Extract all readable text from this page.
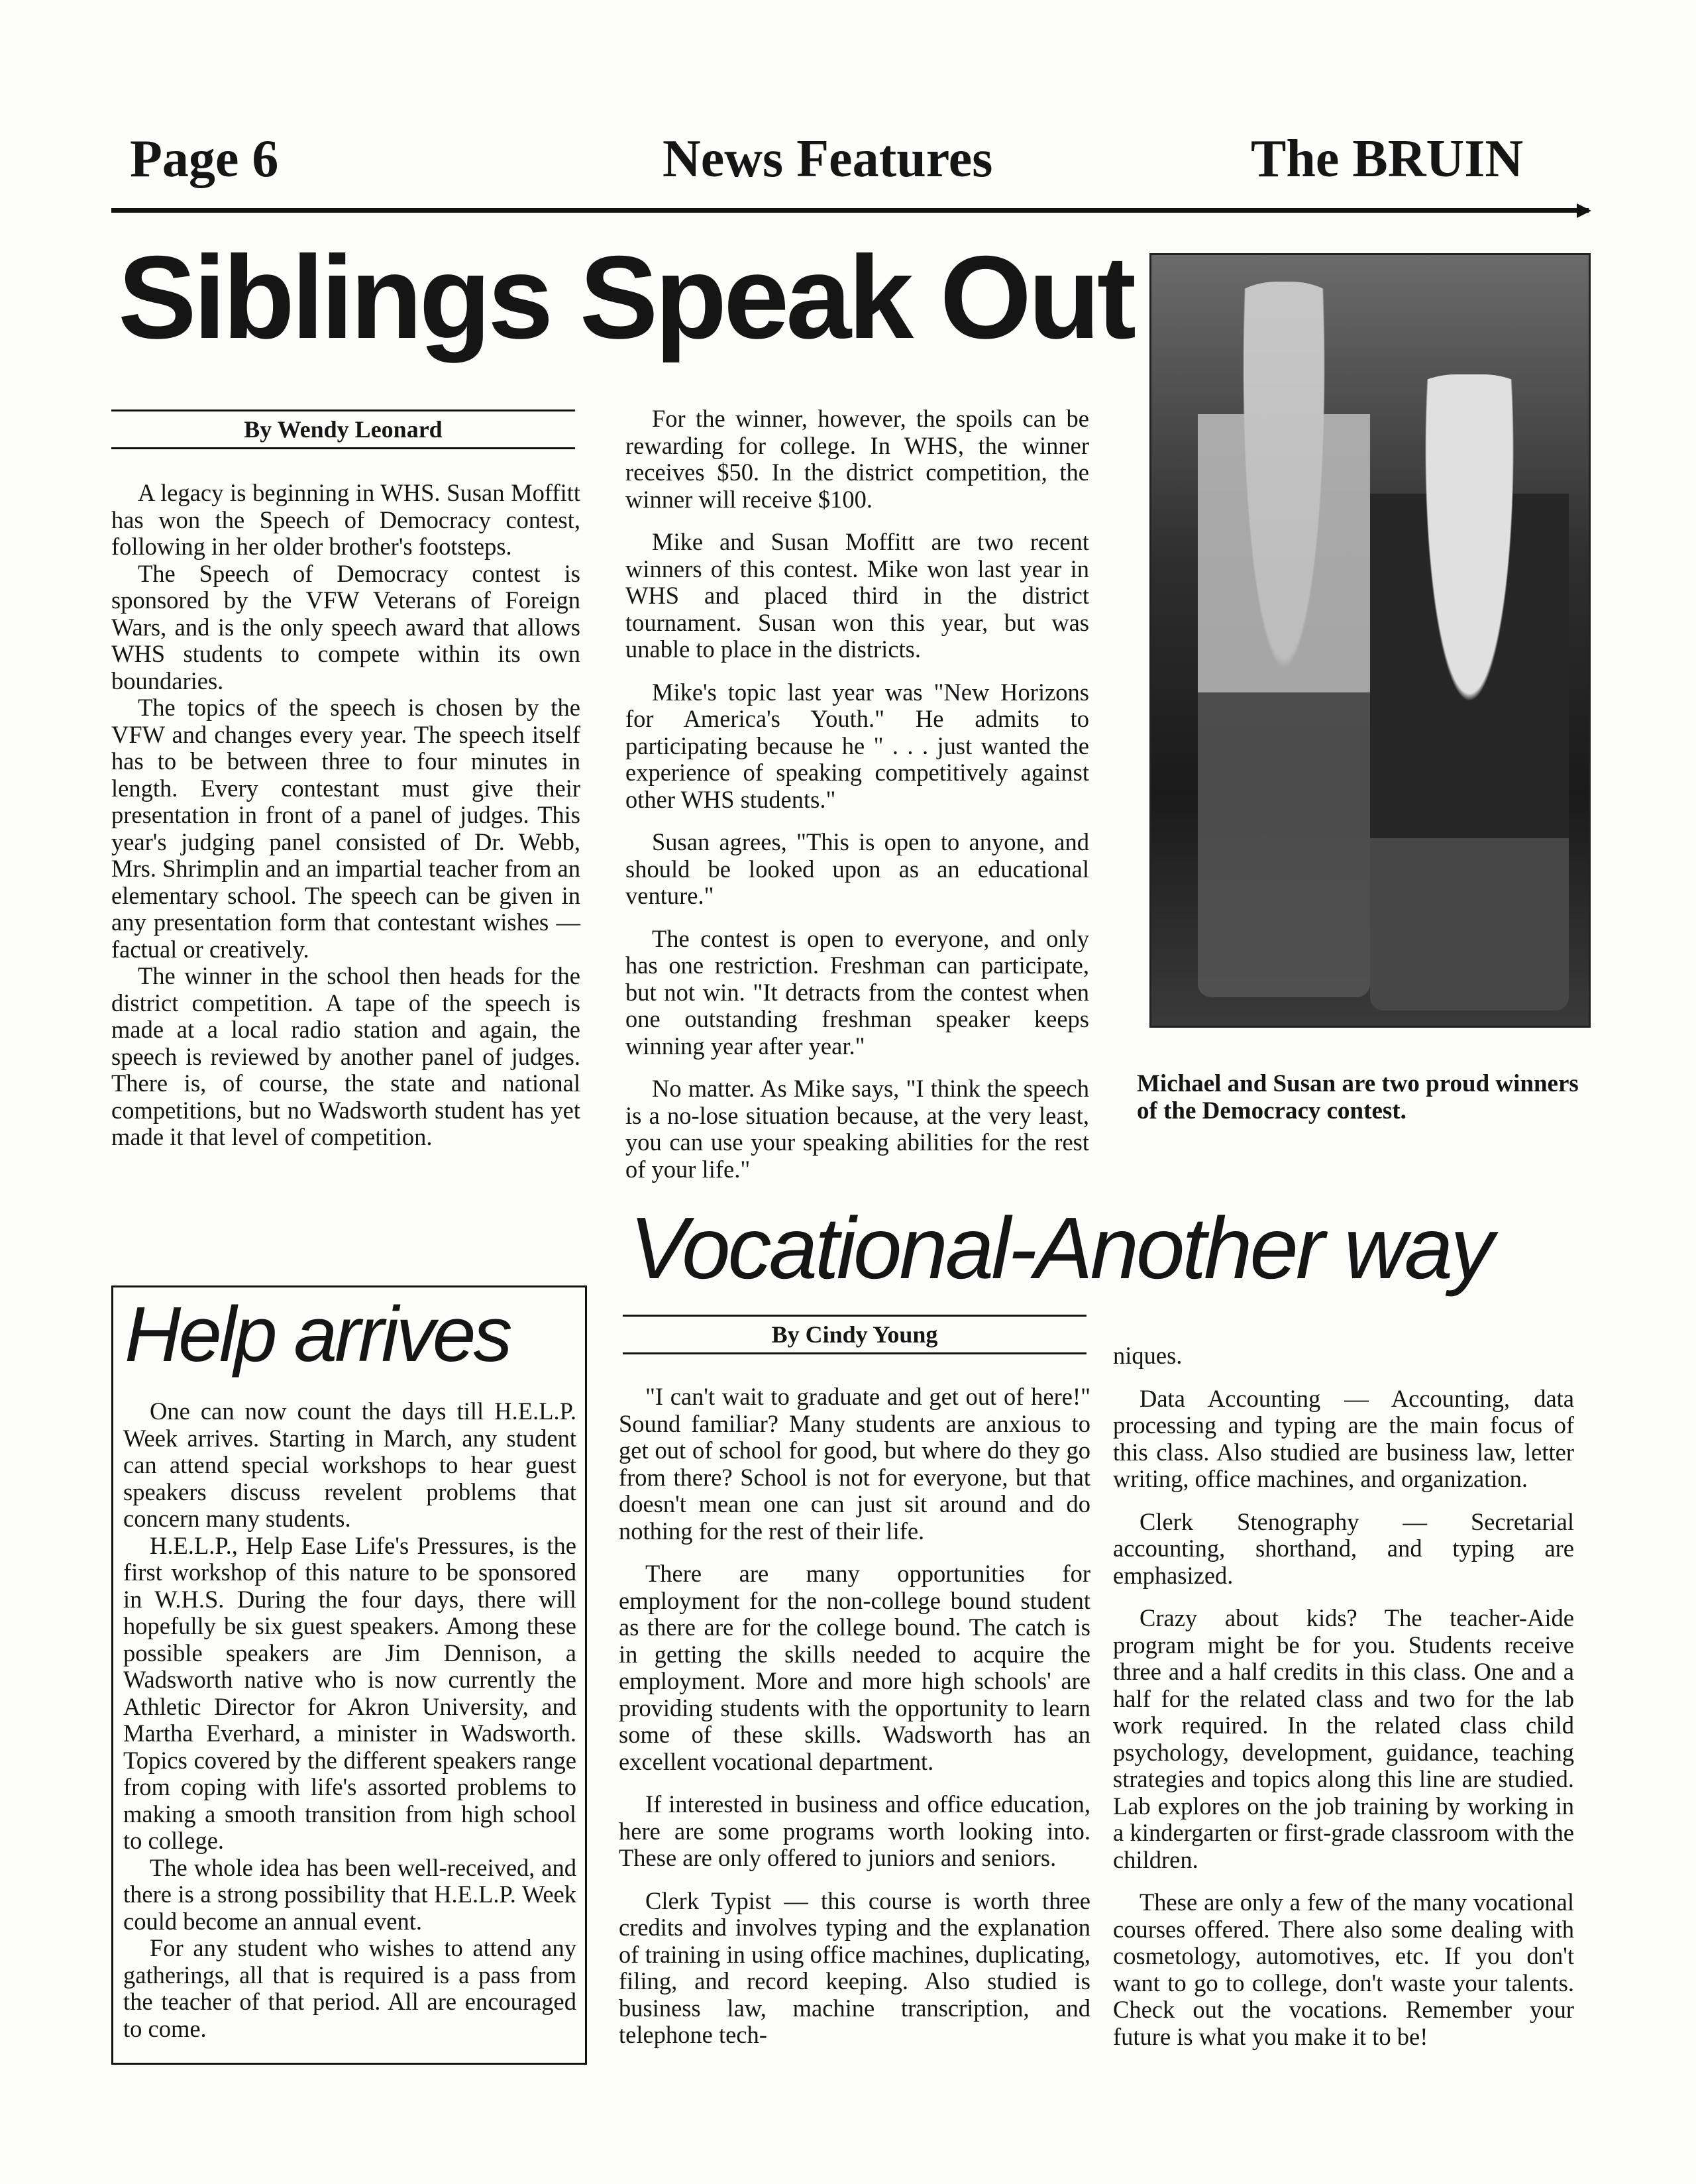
Page 6	News Features	The BRUIN
Siblings Speak Out
By Wendy Leonard

A legacy is beginning in WHS. Susan Moffitt has won the Speech of Democracy contest, following in her older brother's footsteps.

The Speech of Democracy contest is sponsored by the VFW Veterans of Foreign Wars, and is the only speech award that allows WHS students to compete within its own boundaries.

The topics of the speech is chosen by the VFW and changes every year. The speech itself has to be between three to four minutes in length. Every contestant must give their presentation in front of a panel of judges. This year's judging panel consisted of Dr. Webb, Mrs. Shrimplin and an impartial teacher from an elementary school. The speech can be given in any presentation form that contestant wishes — factual or creatively.

The winner in the school then heads for the district competition. A tape of the speech is made at a local radio station and again, the speech is reviewed by another panel of judges. There is, of course, the state and national competitions, but no Wadsworth student has yet made it that level of competition.

For the winner, however, the spoils can be rewarding for college. In WHS, the winner receives $50. In the district competition, the winner will receive $100.

Mike and Susan Moffitt are two recent winners of this contest. Mike won last year in WHS and placed third in the district tournament. Susan won this year, but was unable to place in the districts.

Mike's topic last year was "New Horizons for America's Youth." He admits to participating because he " . . . just wanted the experience of speaking competitively against other WHS students."

Susan agrees, "This is open to anyone, and should be looked upon as an educational venture."

The contest is open to everyone, and only has one restriction. Freshman can participate, but not win. "It detracts from the contest when one outstanding freshman speaker keeps winning year after year."

No matter. As Mike says, "I think the speech is a no-lose situation because, at the very least, you can use your speaking abilities for the rest of your life."

Michael and Susan are two proud winners of the Democracy contest.
Help arrives

One can now count the days till H.E.L.P. Week arrives. Starting in March, any student can attend special workshops to hear guest speakers discuss revelent problems that concern many students.

H.E.L.P., Help Ease Life's Pressures, is the first workshop of this nature to be sponsored in W.H.S. During the four days, there will hopefully be six guest speakers. Among these possible speakers are Jim Dennison, a Wadsworth native who is now currently the Athletic Director for Akron University, and Martha Everhard, a minister in Wadsworth. Topics covered by the different speakers range from coping with life's assorted problems to making a smooth transition from high school to college.

The whole idea has been well-received, and there is a strong possibility that H.E.L.P. Week could become an annual event.

For any student who wishes to attend any gatherings, all that is required is a pass from the teacher of that period. All are encouraged to come.

Vocational-Another way
By Cindy Young

"I can't wait to graduate and get out of here!" Sound familiar? Many students are anxious to get out of school for good, but where do they go from there? School is not for everyone, but that doesn't mean one can just sit around and do nothing for the rest of their life.

There are many opportunities for employment for the non-college bound student as there are for the college bound. The catch is in getting the skills needed to acquire the employment. More and more high schools' are providing students with the opportunity to learn some of these skills. Wadsworth has an excellent vocational department.

If interested in business and office education, here are some programs worth looking into. These are only offered to juniors and seniors.

Clerk Typist — this course is worth three credits and involves typing and the explanation of training in using office machines, duplicating, filing, and record keeping. Also studied is business law, machine transcription, and telephone tech-

niques.

Data Accounting — Accounting, data processing and typing are the main focus of this class. Also studied are business law, letter writing, office machines, and organization.

Clerk Stenography — Secretarial accounting, shorthand, and typing are emphasized.

Crazy about kids? The teacher-Aide program might be for you. Students receive three and a half credits in this class. One and a half for the related class and two for the lab work required. In the related class child psychology, development, guidance, teaching strategies and topics along this line are studied. Lab explores on the job training by working in a kindergarten or first-grade classroom with the children.

These are only a few of the many vocational courses offered. There also some dealing with cosmetology, automotives, etc. If you don't want to go to college, don't waste your talents. Check out the vocations. Remember your future is what you make it to be!
